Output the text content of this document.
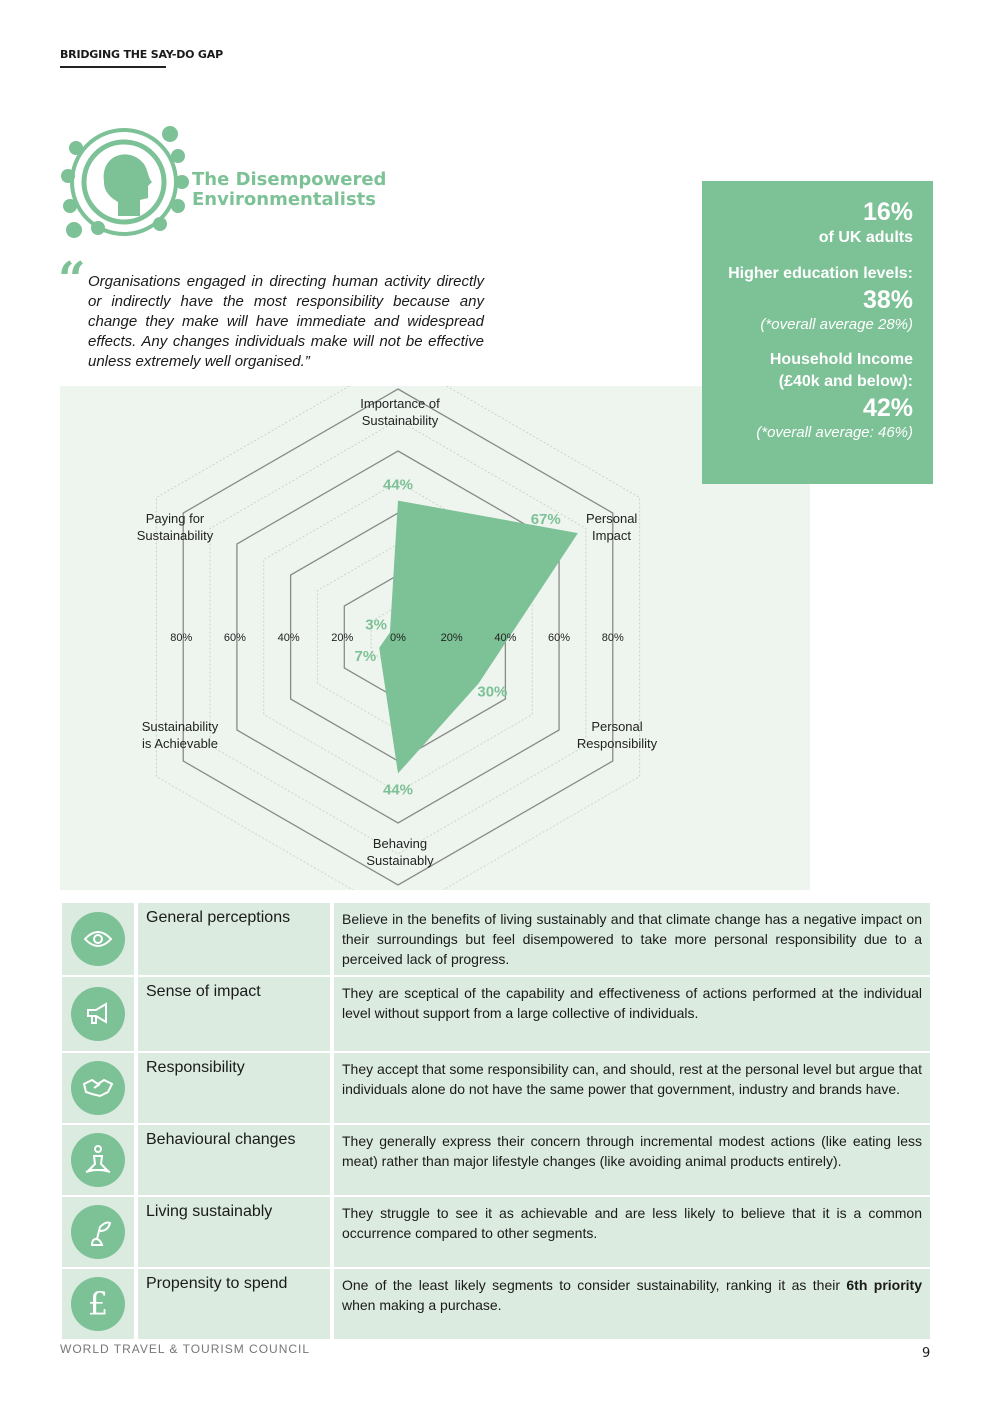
BRIDGING THE SAY-DO GAP
The Disempowered
Environmentalists
“ Organisations engaged in directing human activity directly or indirectly have the most responsibility because any change they make will have immediate and widespread effects. Any changes individuals make will not be effective unless extremely well organised.”
44%
67%
30%
44%
7%
3%
Importance of
Sustainability
Personal
Impact
Personal
Responsibility
Behaving
Sustainably
Sustainability
is Achievable
Paying for
Sustainability
0%	20%	40%	60%	80%
20%
40%
60%
80%
16%
of UK adults
Higher education levels:
38%
(*overall average 28%)
Household Income
(£40k and below):
42%
(*overall average: 46%)
General perceptions	Believe in the benefits of living sustainably and that climate change has a negative impact on their surroundings but feel disempowered to take more personal responsibility due to a perceived lack of progress.
Sense of impact	They are sceptical of the capability and effectiveness of actions performed at the individual level without support from a large collective of individuals.
Responsibility	They accept that some responsibility can, and should, rest at the personal level but argue that individuals alone do not have the same power that government, industry and brands have.
Behavioural changes	They generally express their concern through incremental modest actions (like eating less meat) rather than major lifestyle changes (like avoiding animal products entirely).
Living sustainably	They struggle to see it as achievable and are less likely to believe that it is a common occurrence compared to other segments.
£
Propensity to spend	One of the least likely segments to consider sustainability, ranking it as their 6th priority when making a purchase.
WORLD TRAVEL & TOURISM COUNCIL	9
